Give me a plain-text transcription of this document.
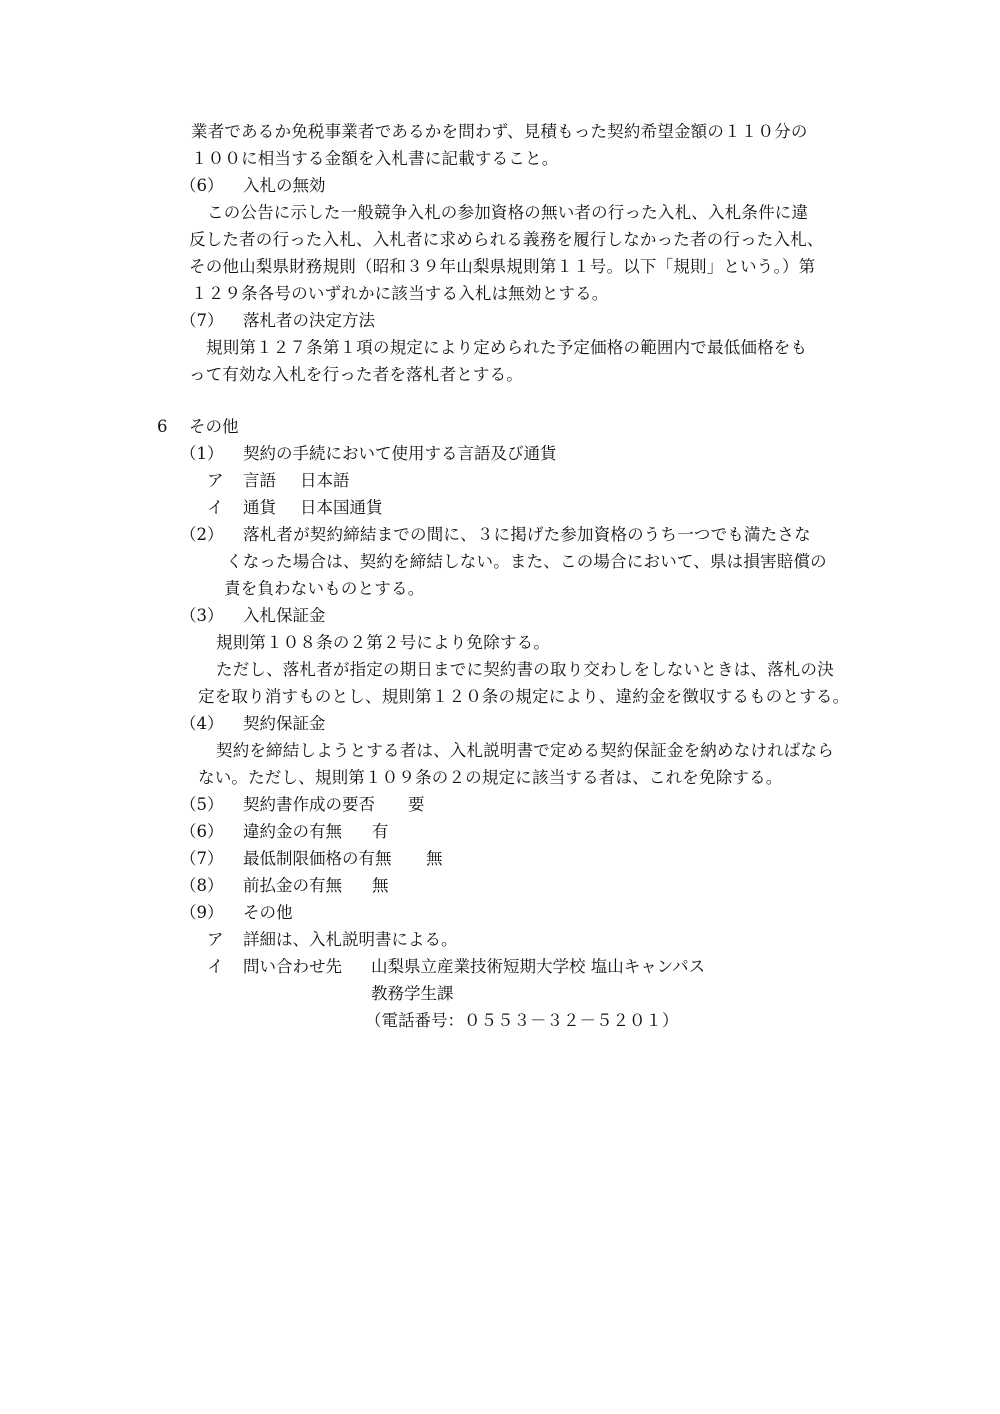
業者であるか免税事業者であるかを問わず、見積もった契約希望金額の１１０分の
１００に相当する金額を入札書に記載すること。
（6） 入札の無効
この公告に示した一般競争入札の参加資格の無い者の行った入札、入札条件に違
反した者の行った入札、入札者に求められる義務を履行しなかった者の行った入札、
その他山梨県財務規則（昭和３９年山梨県規則第１１号。以下「規則」という。）第
１２９条各号のいずれかに該当する入札は無効とする。
（7） 落札者の決定方法
規則第１２７条第１項の規定により定められた予定価格の範囲内で最低価格をも
って有効な入札を行った者を落札者とする。
6 その他
（1） 契約の手続において使用する言語及び通貨
ア 言語 日本語
イ 通貨 日本国通貨
（2） 落札者が契約締結までの間に、３に掲げた参加資格のうち一つでも満たさな
くなった場合は、契約を締結しない。また、この場合において、県は損害賠償の
責を負わないものとする。
（3） 入札保証金
規則第１０８条の２第２号により免除する。
ただし、落札者が指定の期日までに契約書の取り交わしをしないときは、落札の決
定を取り消すものとし、規則第１２０条の規定により、違約金を徴収するものとする。
（4） 契約保証金
契約を締結しようとする者は、入札説明書で定める契約保証金を納めなければなら
ない。ただし、規則第１０９条の２の規定に該当する者は、これを免除する。
（5） 契約書作成の要否 要
（6） 違約金の有無 有
（7） 最低制限価格の有無 無
（8） 前払金の有無 無
（9） その他
ア 詳細は、入札説明書による。
イ 問い合わせ先 山梨県立産業技術短期大学校 塩山キャンパス
教務学生課
（電話番号：０５５３－３２－５２０１）
